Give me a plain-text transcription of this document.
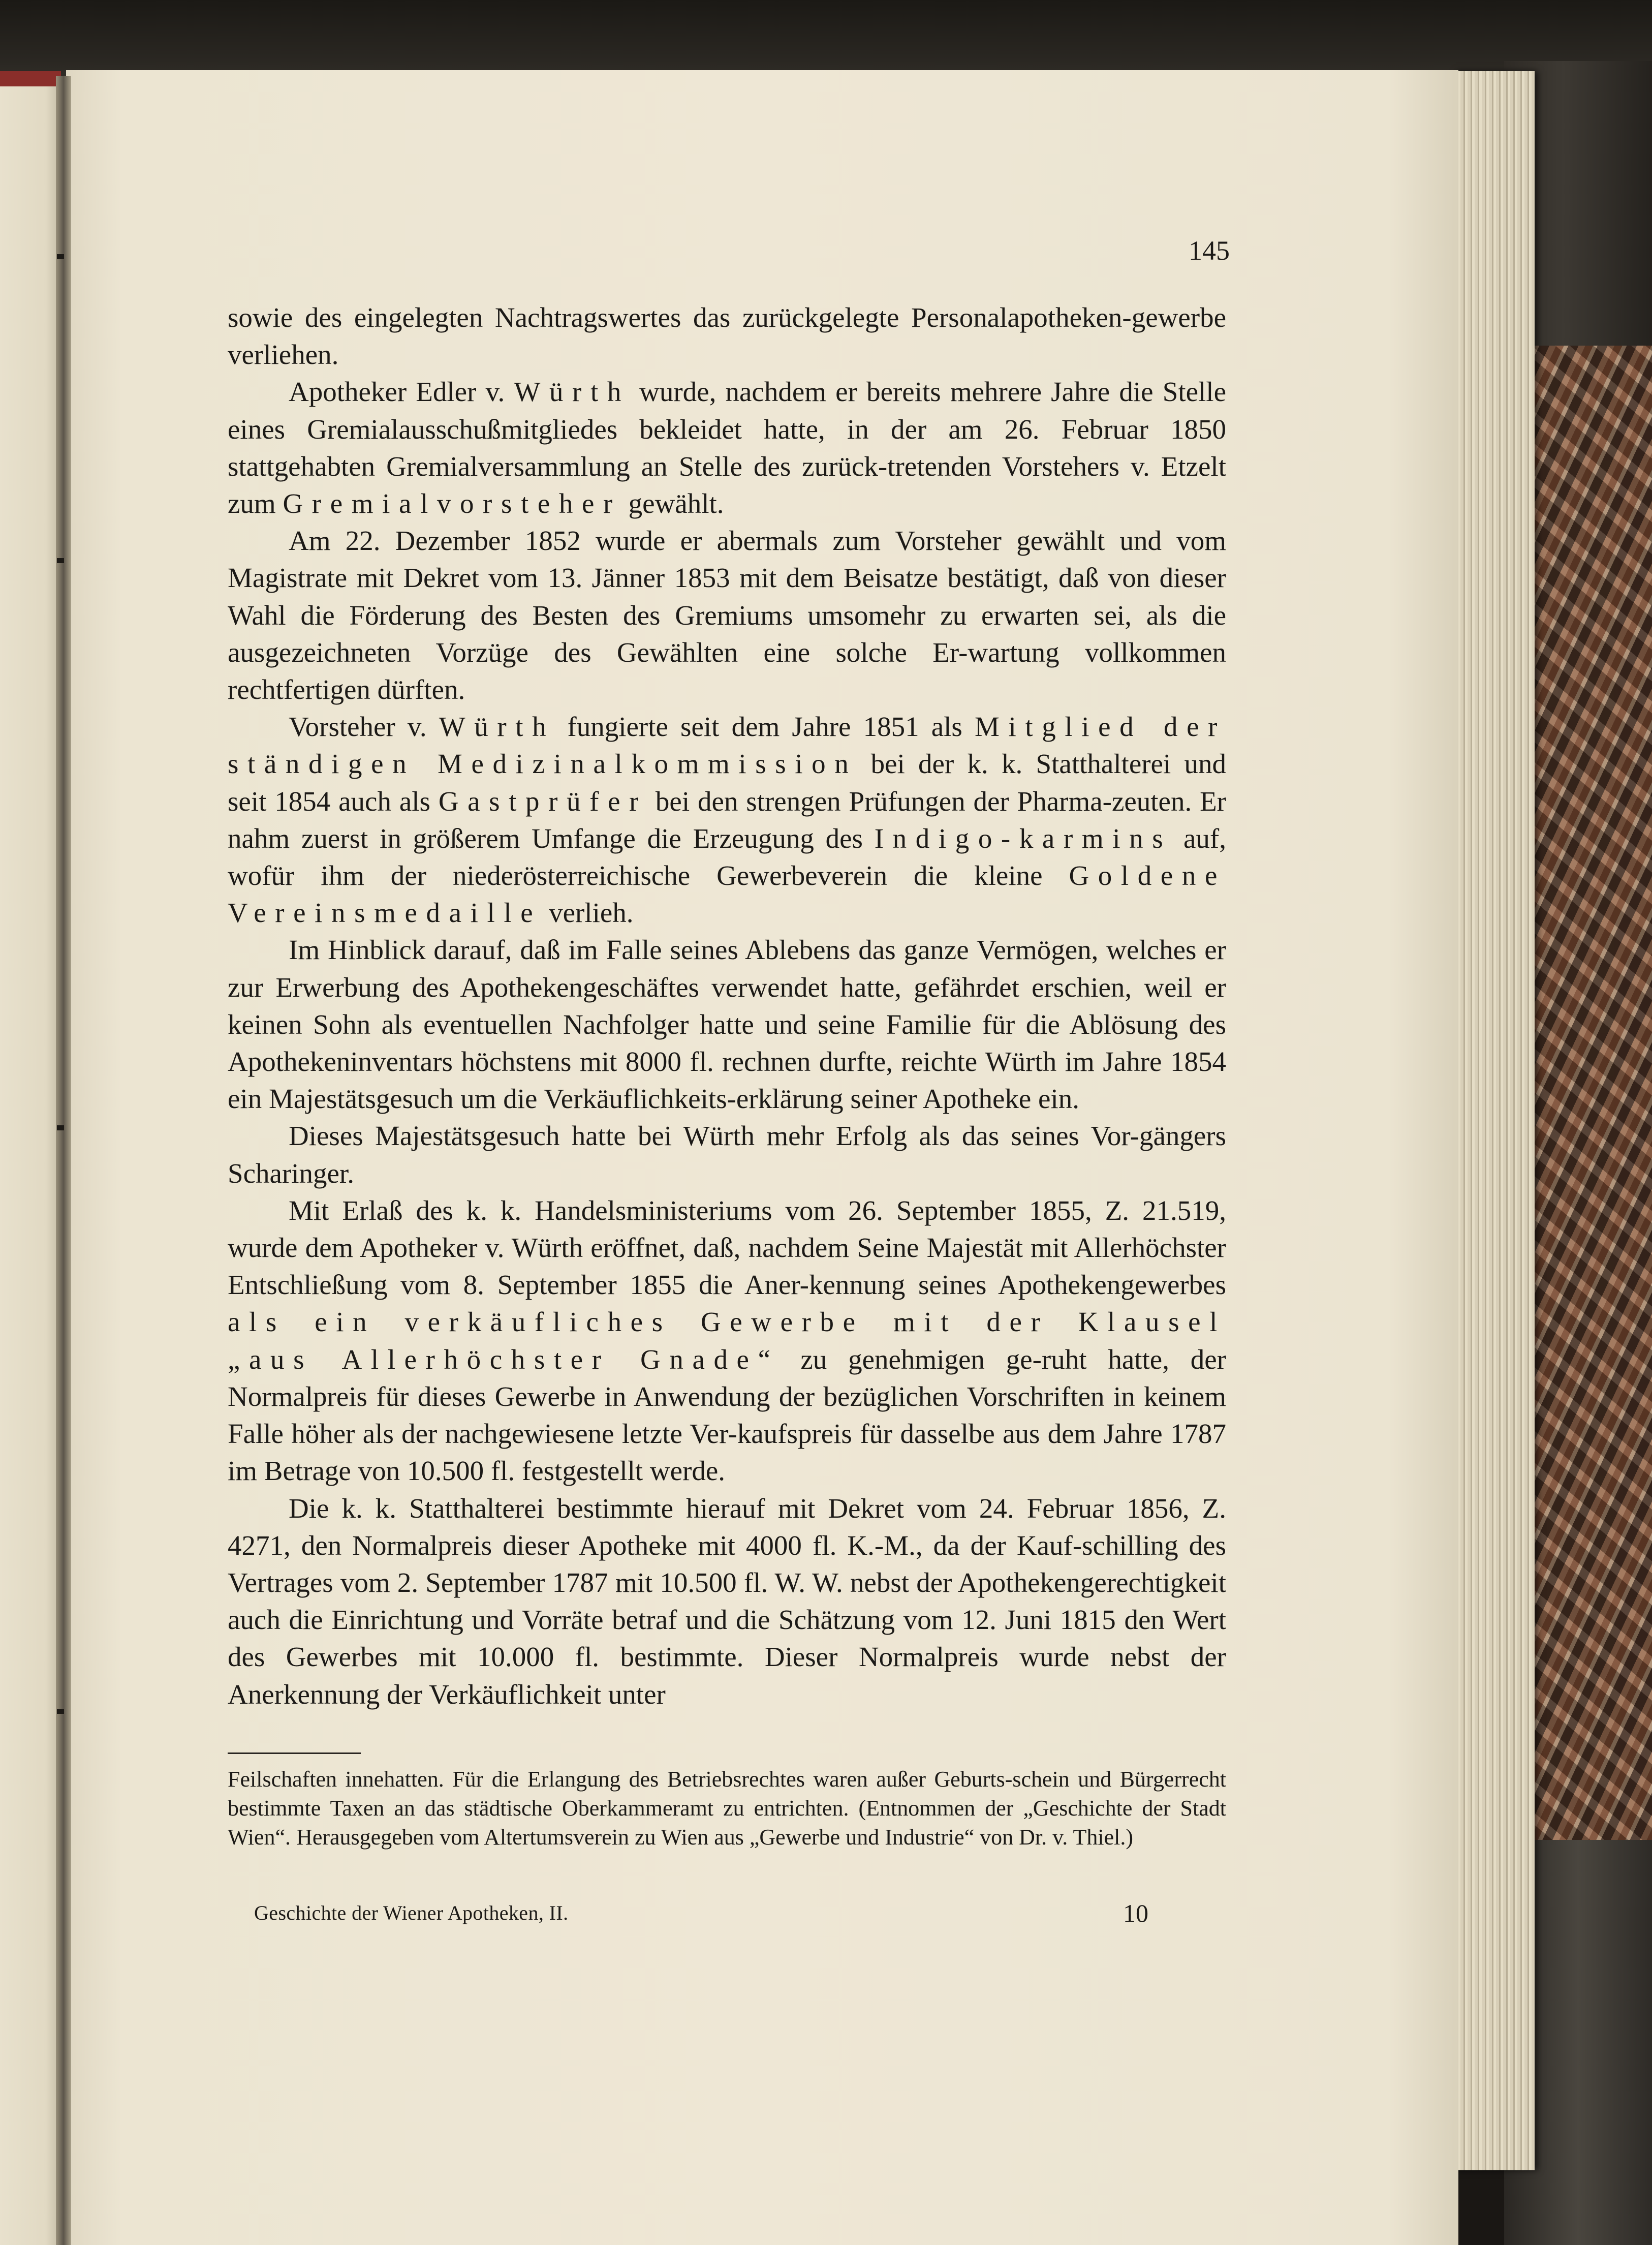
145

sowie des eingelegten Nachtragswertes das zurückgelegte Personalapotheken-gewerbe verliehen.

Apotheker Edler v. Würth wurde, nachdem er bereits mehrere Jahre die Stelle eines Gremialausschußmitgliedes bekleidet hatte, in der am 26. Februar 1850 stattgehabten Gremialversammlung an Stelle des zurück-tretenden Vorstehers v. Etzelt zum Gremialvorsteher gewählt.

Am 22. Dezember 1852 wurde er abermals zum Vorsteher gewählt und vom Magistrate mit Dekret vom 13. Jänner 1853 mit dem Beisatze bestätigt, daß von dieser Wahl die Förderung des Besten des Gremiums umsomehr zu erwarten sei, als die ausgezeichneten Vorzüge des Gewählten eine solche Er-wartung vollkommen rechtfertigen dürften.

Vorsteher v. Würth fungierte seit dem Jahre 1851 als Mitglied der ständigen Medizinalkommission bei der k. k. Statthalterei und seit 1854 auch als Gastprüfer bei den strengen Prüfungen der Pharma-zeuten. Er nahm zuerst in größerem Umfange die Erzeugung des Indigo-karmins auf, wofür ihm der niederösterreichische Gewerbeverein die kleine Goldene Vereinsmedaille verlieh.

Im Hinblick darauf, daß im Falle seines Ablebens das ganze Vermögen, welches er zur Erwerbung des Apothekengeschäftes verwendet hatte, gefährdet erschien, weil er keinen Sohn als eventuellen Nachfolger hatte und seine Familie für die Ablösung des Apothekeninventars höchstens mit 8000 fl. rechnen durfte, reichte Würth im Jahre 1854 ein Majestätsgesuch um die Verkäuflichkeits-erklärung seiner Apotheke ein.

Dieses Majestätsgesuch hatte bei Würth mehr Erfolg als das seines Vor-gängers Scharinger.

Mit Erlaß des k. k. Handelsministeriums vom 26. September 1855, Z. 21.519, wurde dem Apotheker v. Würth eröffnet, daß, nachdem Seine Majestät mit Allerhöchster Entschließung vom 8. September 1855 die Aner-kennung seines Apothekengewerbes als ein verkäufliches Gewerbe mit der Klausel „aus Allerhöchster Gnade“ zu genehmigen ge-ruht hatte, der Normalpreis für dieses Gewerbe in Anwendung der bezüglichen Vorschriften in keinem Falle höher als der nachgewiesene letzte Ver-kaufspreis für dasselbe aus dem Jahre 1787 im Betrage von 10.500 fl. festgestellt werde.

Die k. k. Statthalterei bestimmte hierauf mit Dekret vom 24. Februar 1856, Z. 4271, den Normalpreis dieser Apotheke mit 4000 fl. K.-M., da der Kauf-schilling des Vertrages vom 2. September 1787 mit 10.500 fl. W. W. nebst der Apothekengerechtigkeit auch die Einrichtung und Vorräte betraf und die Schätzung vom 12. Juni 1815 den Wert des Gewerbes mit 10.000 fl. bestimmte. Dieser Normalpreis wurde nebst der Anerkennung der Verkäuflichkeit unter

Feilschaften innehatten. Für die Erlangung des Betriebsrechtes waren außer Geburts-schein und Bürgerrecht bestimmte Taxen an das städtische Oberkammeramt zu entrichten. (Entnommen der „Geschichte der Stadt Wien“. Herausgegeben vom Altertumsverein zu Wien aus „Gewerbe und Industrie“ von Dr. v. Thiel.)

Geschichte der Wiener Apotheken, II.	10
